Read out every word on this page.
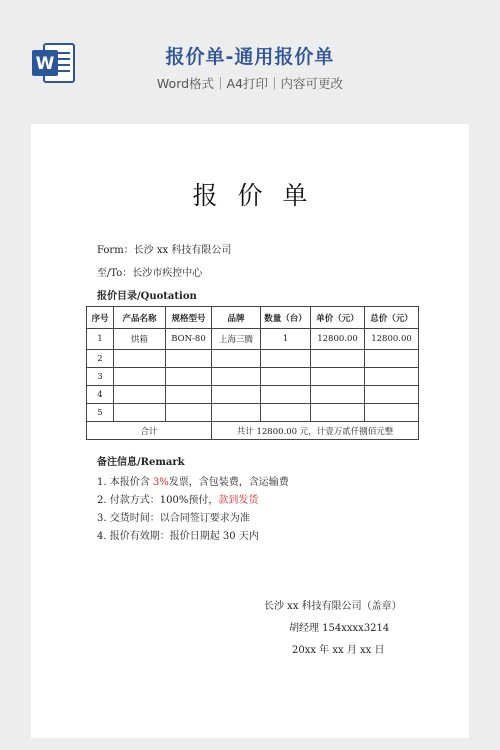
W	报价单-通用报价单
Word格式｜A4打印｜内容可更改
报价单
Form：长沙 xx 科技有限公司
至/To：长沙市疾控中心
报价目录/Quotation
序号	产品名称	规格型号	品牌	数量（台）	单价（元）	总价（元）
1	烘箱	BON-80	上海三腾	1	12800.00	12800.00
2						
3						
4						
5						
合计			共计 12800.00 元，计壹万贰仟捌佰元整			
备注信息/Remark
1. 本报价含 3%发票，含包装费，含运输费
2. 付款方式：100%预付，款到发货
3. 交货时间：以合同签订要求为准
4. 报价有效期：报价日期起 30 天内
长沙 xx 科技有限公司（盖章）
胡经理 154xxxx3214
20xx 年 xx 月 xx 日
